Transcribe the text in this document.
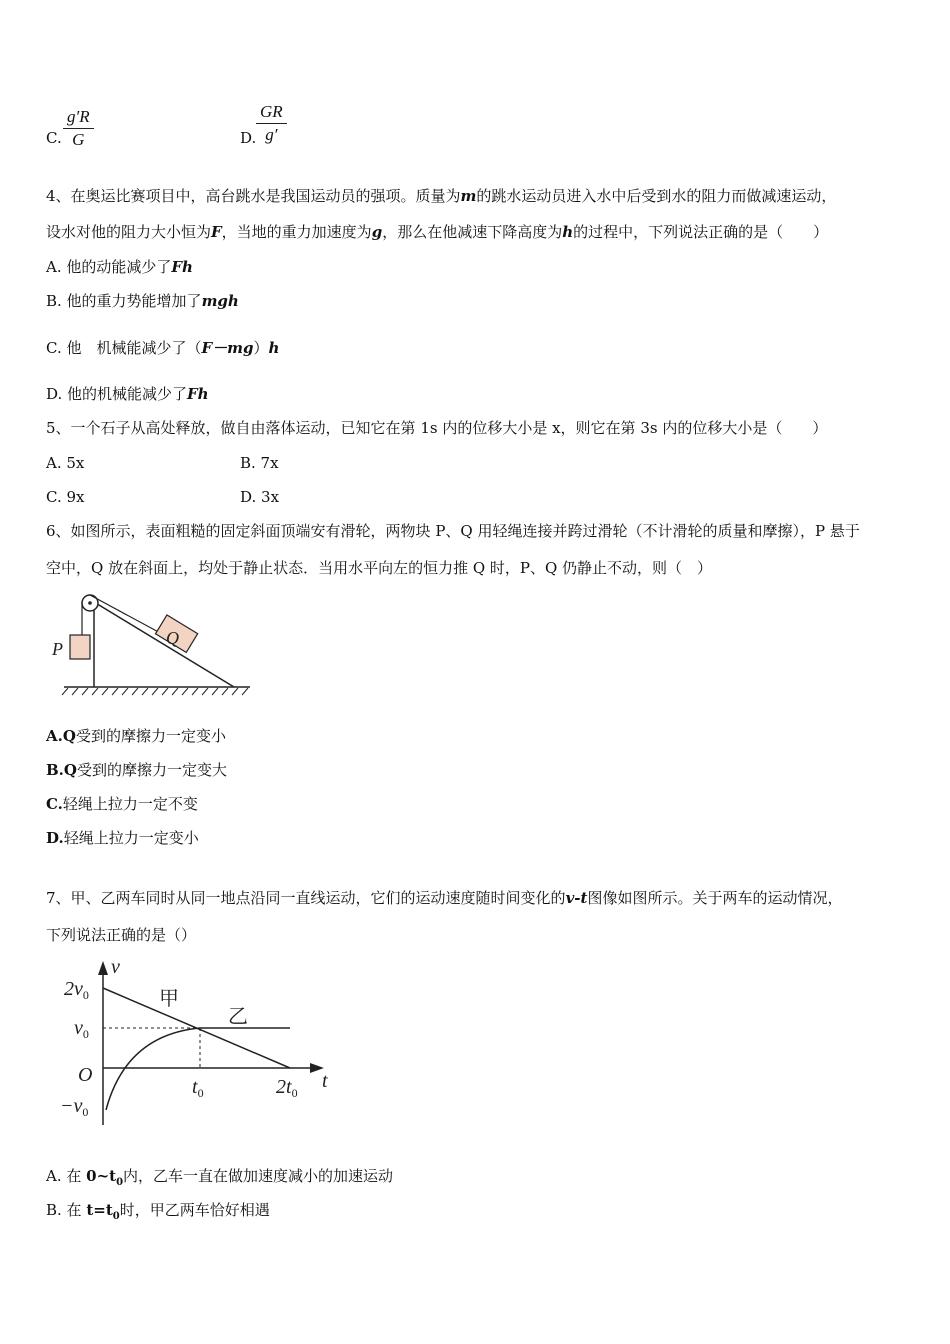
C. $\frac{g'R}{G}$	D. $\frac{GR}{g'}$
4、在奥运比赛项目中，高台跳水是我国运动员的强项。质量为m的跳水运动员进入水中后受到水的阻力而做减速运动，
设水对他的阻力大小恒为F，当地的重力加速度为g，那么在他减速下降高度为h的过程中，下列说法正确的是（　　）
A. 他的动能减少了Fh
B. 他的重力势能增加了mgh
C. 他　机械能减少了（F－mg）h
D. 他的机械能减少了Fh
5、一个石子从高处释放，做自由落体运动，已知它在第 1s 内的位移大小是 x，则它在第 3s 内的位移大小是（　　）
A. 5x	B. 7x
C. 9x	D. 3x
6、如图所示，表面粗糙的固定斜面顶端安有滑轮，两物块 P、Q 用轻绳连接并跨过滑轮（不计滑轮的质量和摩擦），P 悬于
空中，Q 放在斜面上，均处于静止状态．当用水平向左的恒力推 Q 时，P、Q 仍静止不动，则（　）
P
Q
A.Q受到的摩擦力一定变小
B.Q受到的摩擦力一定变大
C.轻绳上拉力一定不变
D.轻绳上拉力一定变小
7、甲、乙两车同时从同一地点沿同一直线运动，它们的运动速度随时间变化的v-t图像如图所示。关于两车的运动情况，
下列说法正确的是（）
v
t
O
$2v_0$
$v_0$
$-v_0$
$t_0$	$2t_0$
甲
乙
A. 在 $0\sim t_0$内，乙车一直在做加速度减小的加速运动
B. 在 $t=t_0$时，甲乙两车恰好相遇
